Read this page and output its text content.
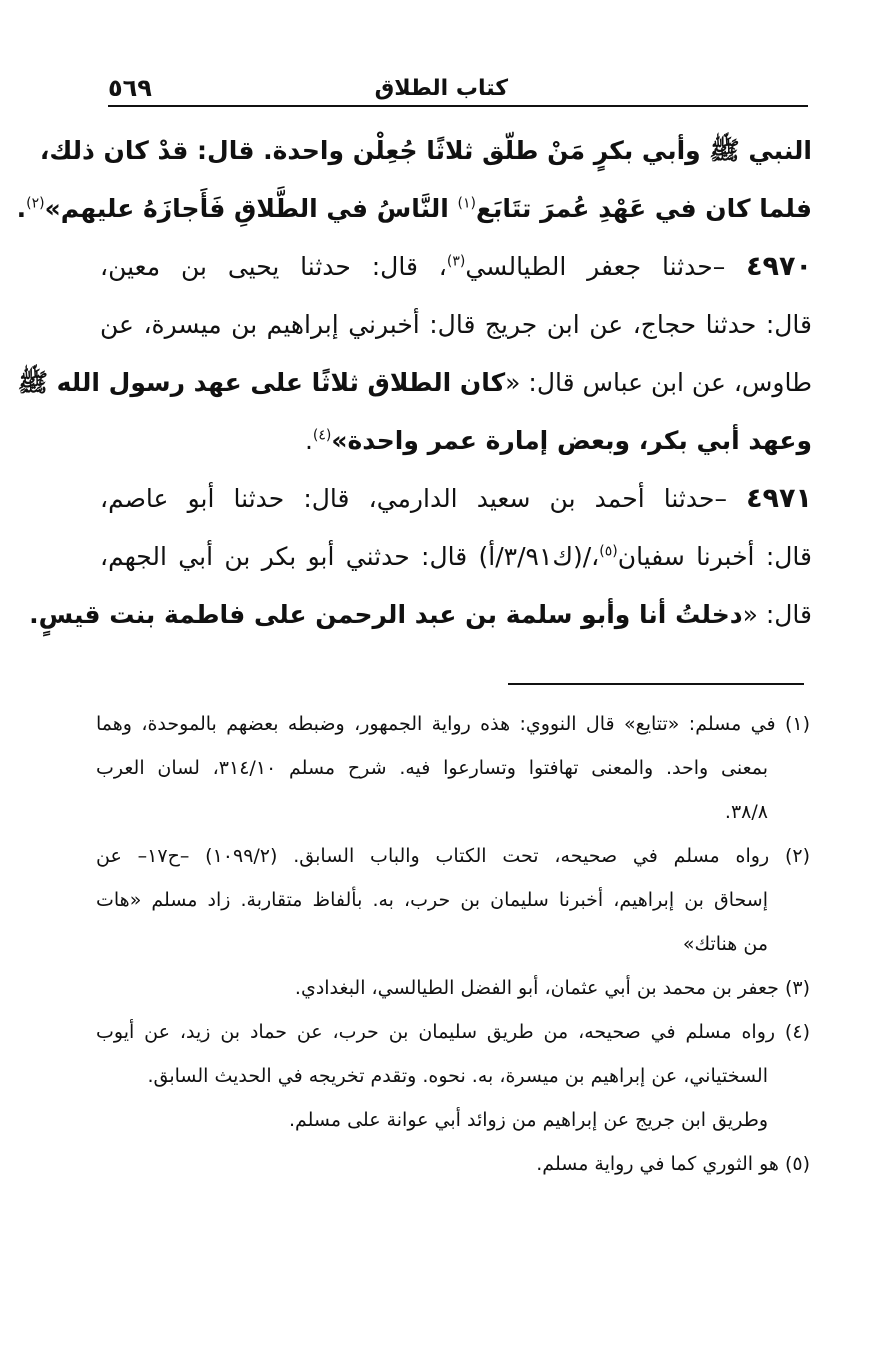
٥٦٩	كتاب الطلاق
النبي ﷺ وأبي بكرٍ مَنْ طلّق ثلاثًا جُعِلْن واحدة. قال: قدْ كان ذلك،
فلما كان في عَهْدِ عُمرَ تتَابَع$^{(١)}$ النَّاسُ في الطَّلاقِ فَأَجازَهُ عليهم»$^{(٢)}$.
٤٩٧٠ –حدثنا جعفر الطيالسي$^{(٣)}$، قال: حدثنا يحيى بن معين،
قال: حدثنا حجاج، عن ابن جريج قال: أخبرني إبراهيم بن ميسرة، عن
طاوس، عن ابن عباس قال: «كان الطلاق ثلاثًا على عهد رسول الله ﷺ
وعهد أبي بكر، وبعض إمارة عمر واحدة»$^{(٤)}$.
٤٩٧١ –حدثنا أحمد بن سعيد الدارمي، قال: حدثنا أبو عاصم،
قال: أخبرنا سفيان$^{(٥)}$،/(ك٣/٩١/أ) قال: حدثني أبو بكر بن أبي الجهم،
قال: «دخلتُ أنا وأبو سلمة بن عبد الرحمن على فاطمة بنت قيسٍ.
(١) في مسلم: «تتايع» قال النووي: هذه رواية الجمهور، وضبطه بعضهم بالموحدة، وهما
بمعنى واحد. والمعنى تهافتوا وتسارعوا فيه. شرح مسلم ٣١٤/١٠، لسان العرب
٣٨/٨.
(٢) رواه مسلم في صحيحه، تحت الكتاب والباب السابق. (١٠٩٩/٢) –ح١٧– عن
إسحاق بن إبراهيم، أخبرنا سليمان بن حرب، به. بألفاظ متقاربة. زاد مسلم «هات
من هناتك»
(٣) جعفر بن محمد بن أبي عثمان، أبو الفضل الطيالسي، البغدادي.
(٤) رواه مسلم في صحيحه، من طريق سليمان بن حرب، عن حماد بن زيد، عن أيوب
السختياني، عن إبراهيم بن ميسرة، به. نحوه. وتقدم تخريجه في الحديث السابق.
وطريق ابن جريج عن إبراهيم من زوائد أبي عوانة على مسلم.
(٥) هو الثوري كما في رواية مسلم.
